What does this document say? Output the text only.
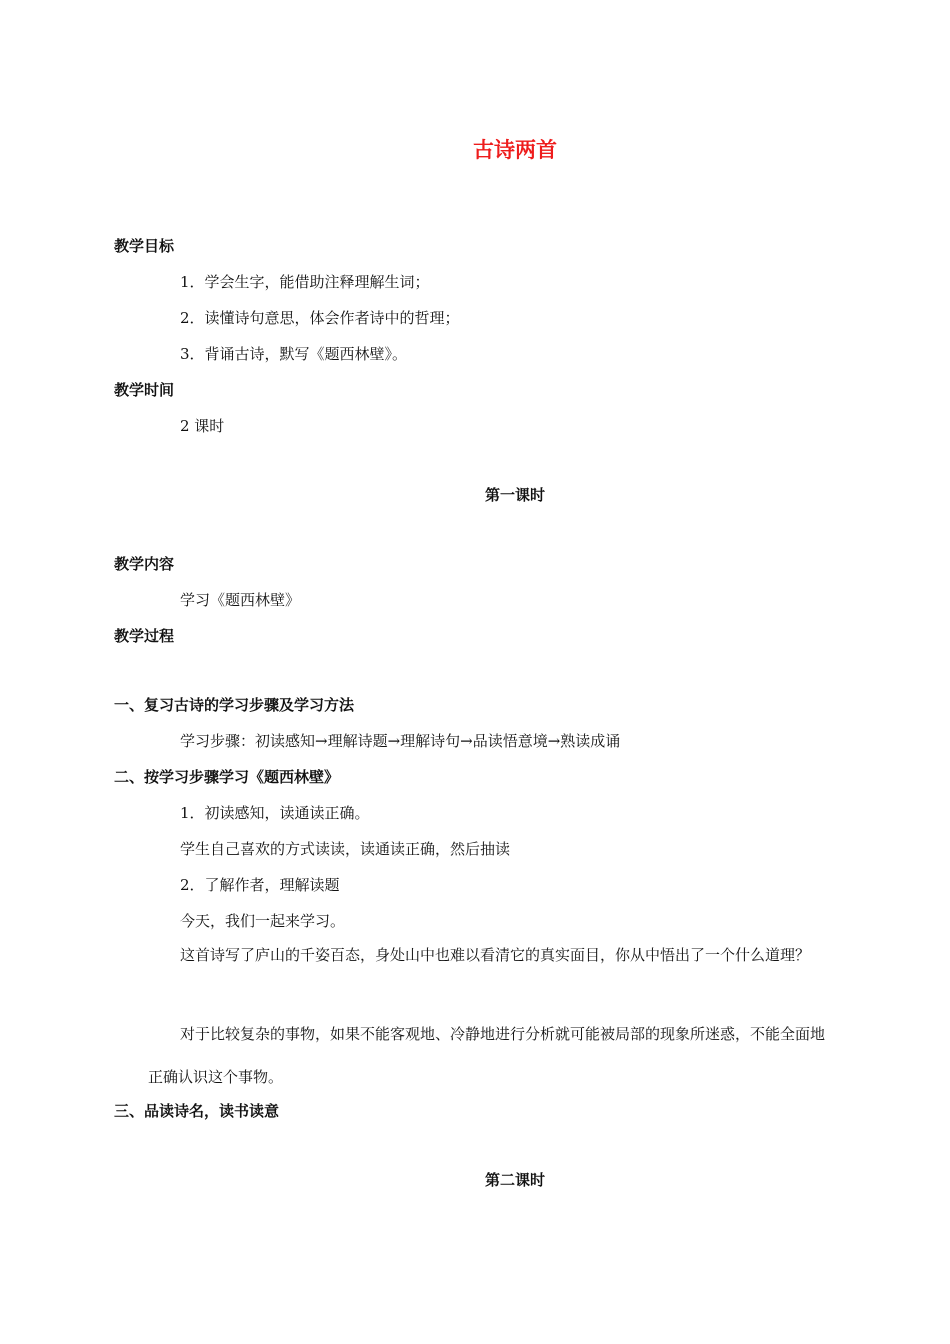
古诗两首
教学目标
1．学会生字，能借助注释理解生词；
2．读懂诗句意思，体会作者诗中的哲理；
3．背诵古诗，默写《题西林壁》。
教学时间
2 课时
第一课时
教学内容
学习《题西林壁》
教学过程
一、复习古诗的学习步骤及学习方法
学习步骤：初读感知→理解诗题→理解诗句→品读悟意境→熟读成诵
二、按学习步骤学习《题西林壁》
1．初读感知，读通读正确。
学生自己喜欢的方式读读，读通读正确，然后抽读
2．了解作者，理解读题
今天，我们一起来学习。

这首诗写了庐山的千姿百态，身处山中也难以看清它的真实面目，你从中悟出了一个什么道理？

对于比较复杂的事物，如果不能客观地、冷静地进行分析就可能被局部的现象所迷惑，不能全面地正确认识这个事物。

三、品读诗名，读书读意
第二课时
